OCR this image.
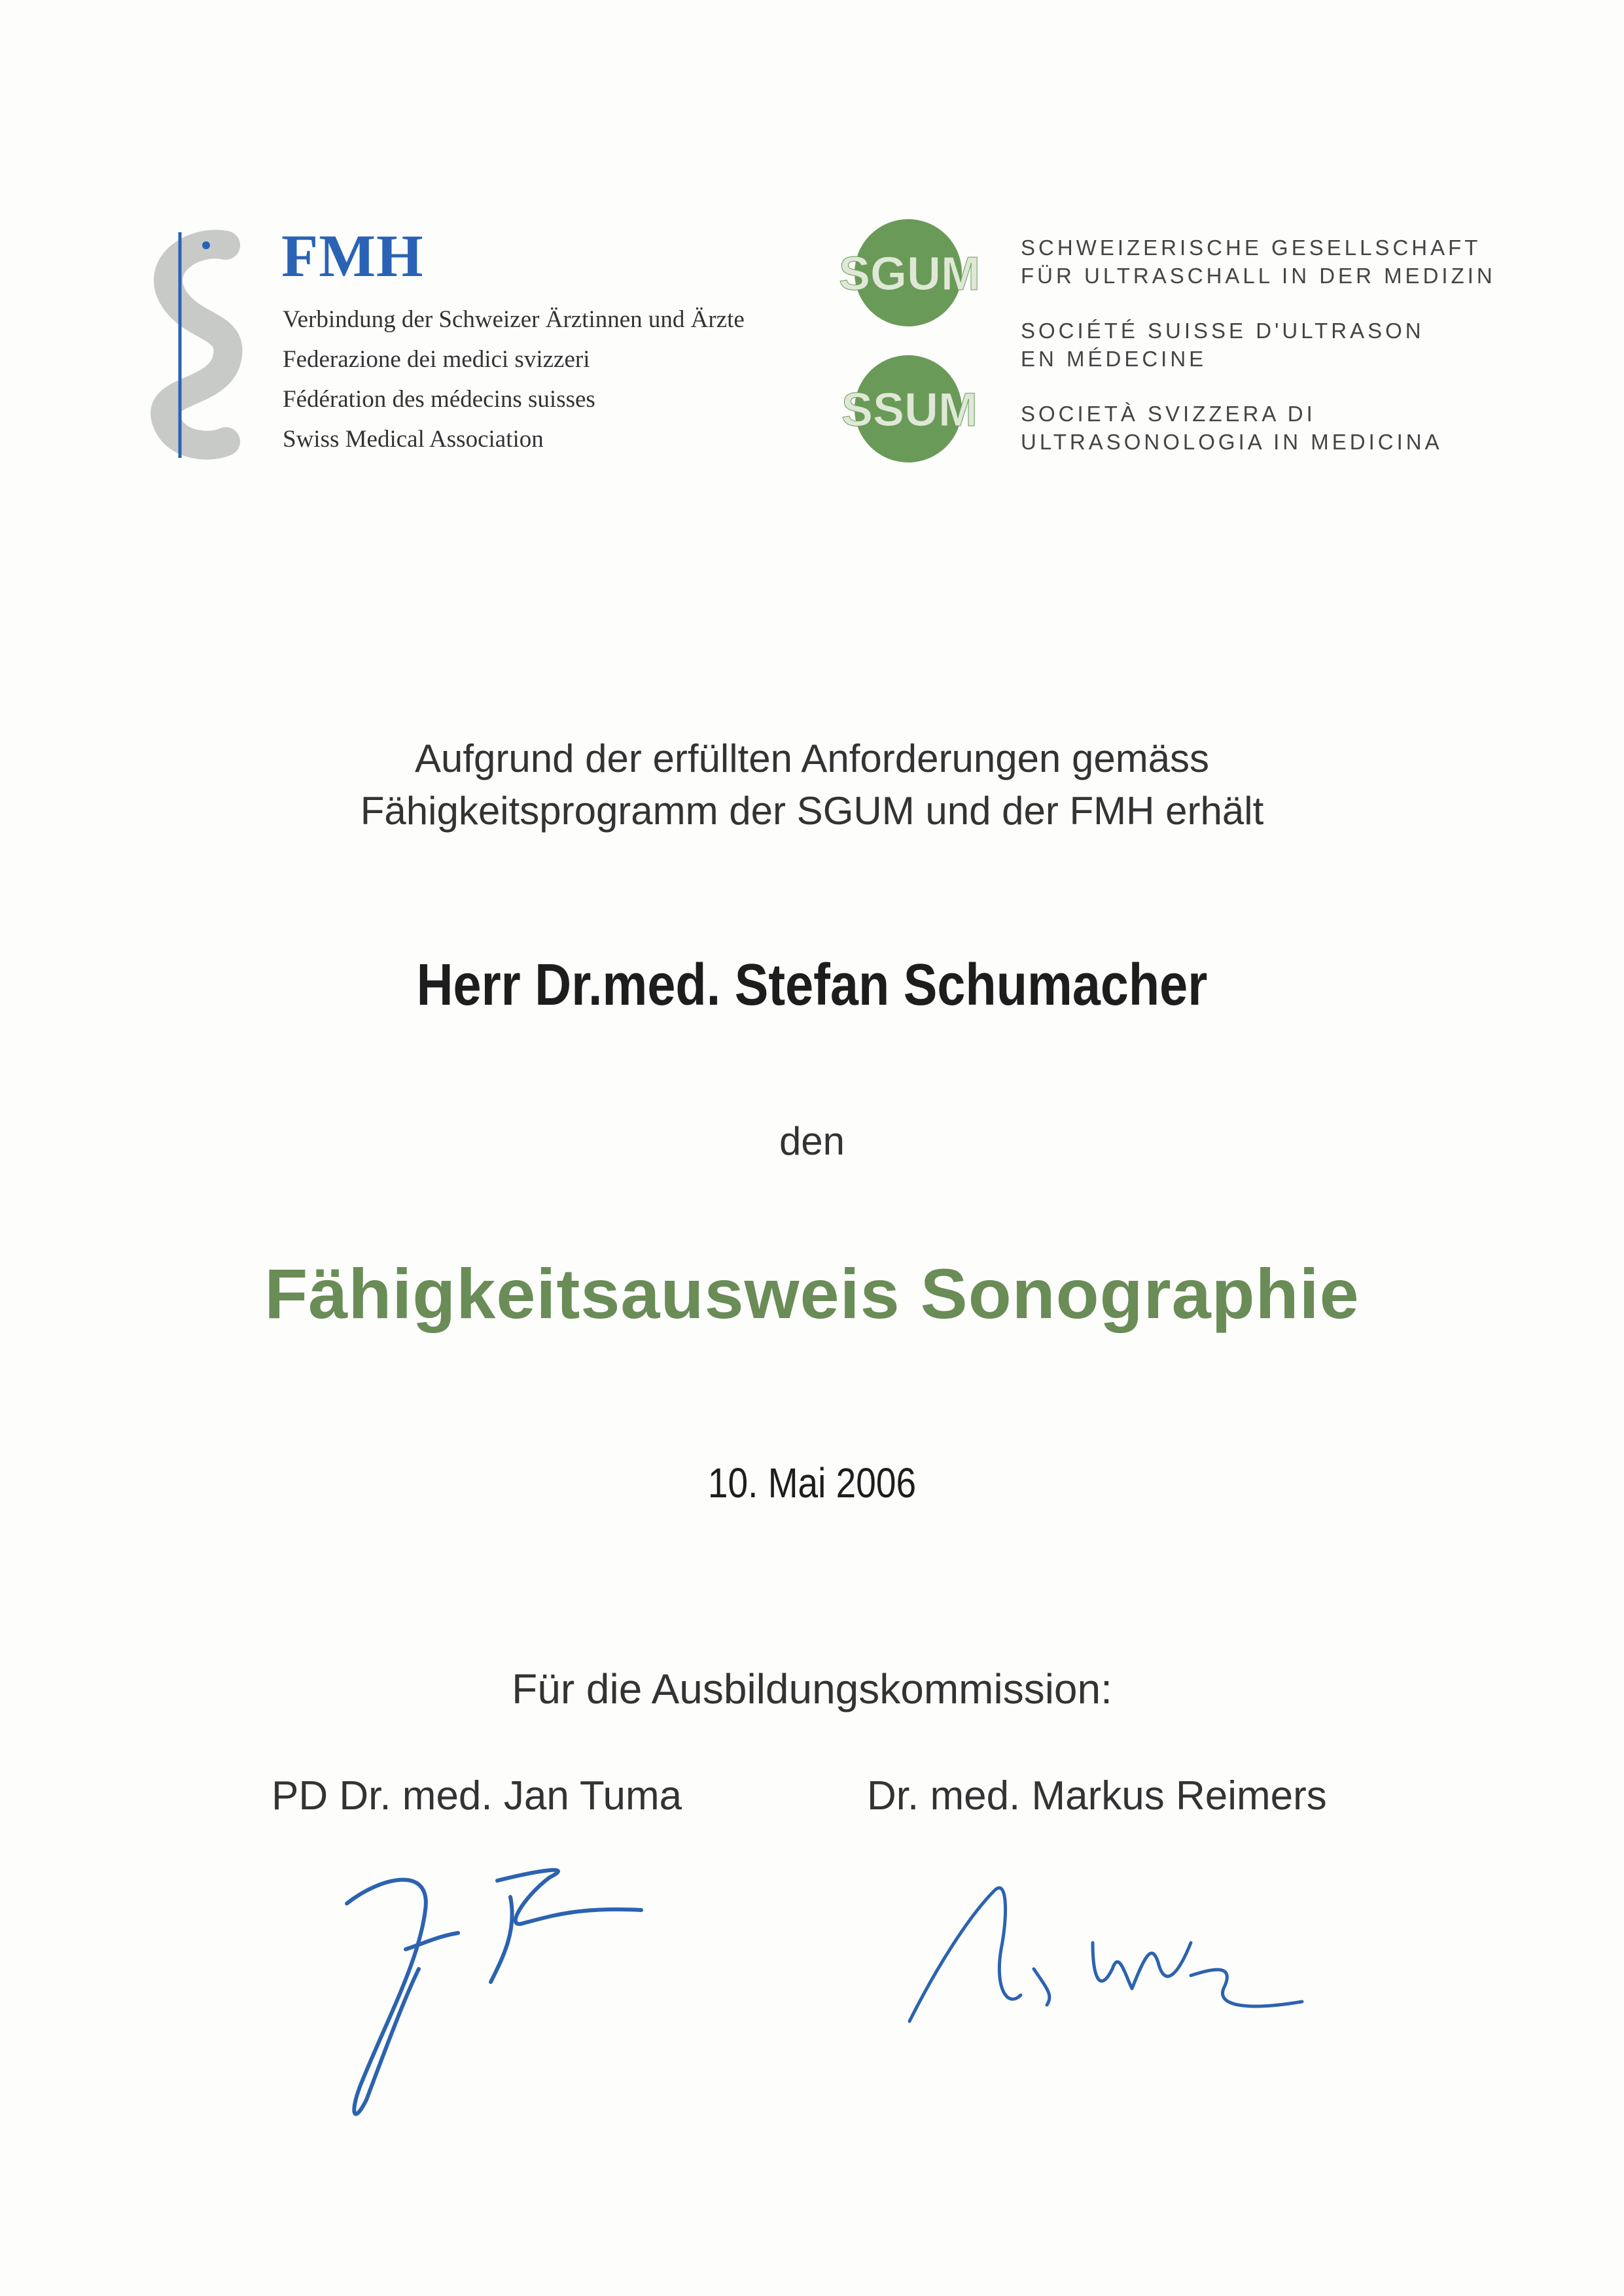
FMH
Verbindung der Schweizer Ärztinnen und Ärzte
Federazione dei medici svizzeri
Fédération des médecins suisses
Swiss Medical Association
SGUM
SSUM
SCHWEIZERISCHE GESELLSCHAFT
FÜR ULTRASCHALL IN DER MEDIZIN
SOCIÉTÉ SUISSE D'ULTRASON
EN MÉDECINE
SOCIETÀ SVIZZERA DI
ULTRASONOLOGIA IN MEDICINA
Aufgrund der erfüllten Anforderungen gemäss
Fähigkeitsprogramm der SGUM und der FMH erhält
Herr Dr.med. Stefan Schumacher
den
Fähigkeitsausweis Sonographie
10. Mai 2006
Für die Ausbildungskommission:
PD Dr. med. Jan Tuma	Dr. med. Markus Reimers
